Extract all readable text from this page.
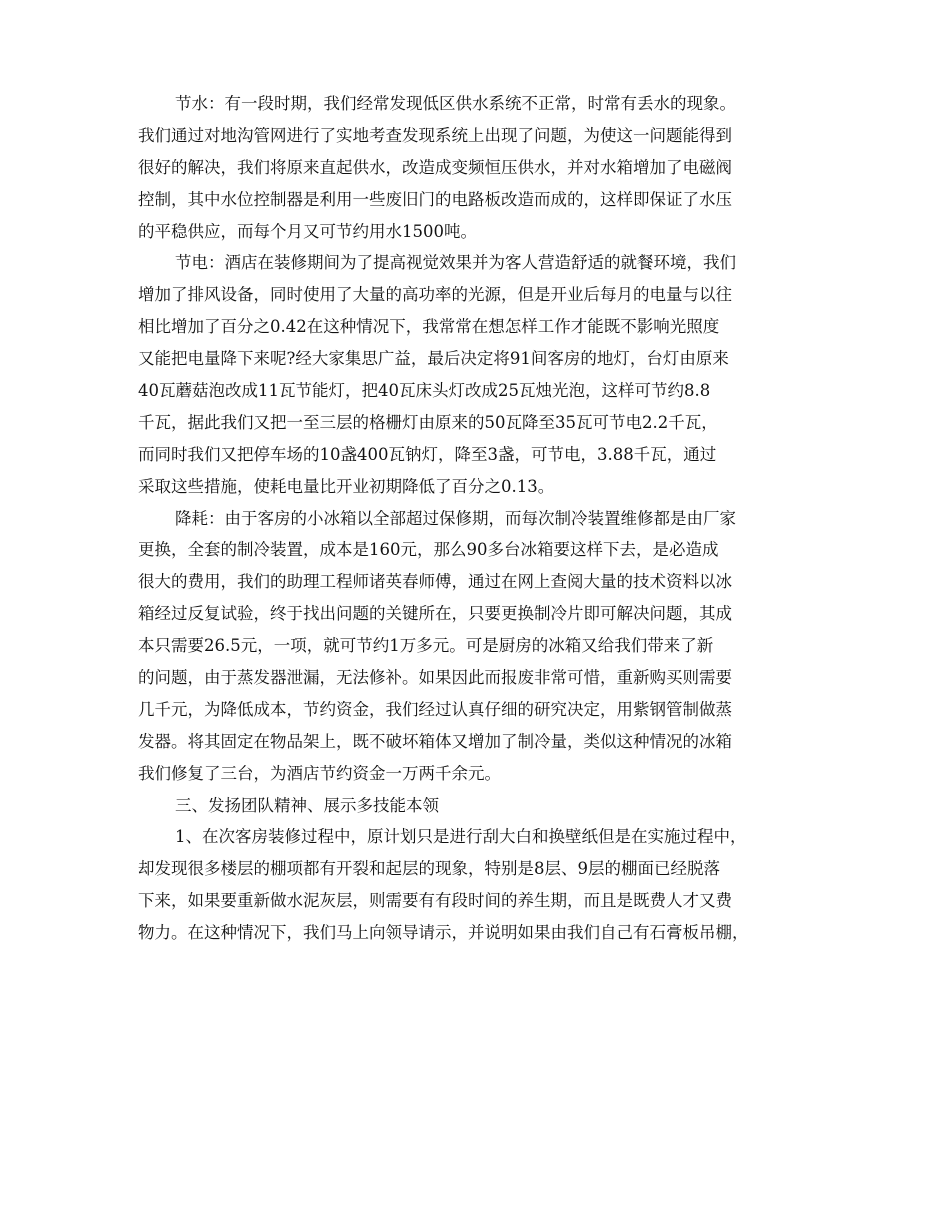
节水：有一段时期，我们经常发现低区供水系统不正常，时常有丢水的现象。
我们通过对地沟管网进行了实地考查发现系统上出现了问题，为使这一问题能得到
很好的解决，我们将原来直起供水，改造成变频恒压供水，并对水箱增加了电磁阀
控制，其中水位控制器是利用一些废旧门的电路板改造而成的，这样即保证了水压
的平稳供应，而每个月又可节约用水1500吨。
节电：酒店在装修期间为了提高视觉效果并为客人营造舒适的就餐环境，我们
增加了排风设备，同时使用了大量的高功率的光源，但是开业后每月的电量与以往
相比增加了百分之0.42在这种情况下，我常常在想怎样工作才能既不影响光照度
又能把电量降下来呢?经大家集思广益，最后决定将91间客房的地灯，台灯由原来
40瓦蘑菇泡改成11瓦节能灯，把40瓦床头灯改成25瓦烛光泡，这样可节约8.8
千瓦，据此我们又把一至三层的格栅灯由原来的50瓦降至35瓦可节电2.2千瓦，
而同时我们又把停车场的10盏400瓦钠灯，降至3盏，可节电，3.88千瓦，通过
采取这些措施，使耗电量比开业初期降低了百分之0.13。
降耗：由于客房的小冰箱以全部超过保修期，而每次制冷装置维修都是由厂家
更换，全套的制冷装置，成本是160元，那么90多台冰箱要这样下去，是必造成
很大的费用，我们的助理工程师诸英春师傅，通过在网上查阅大量的技术资料以冰
箱经过反复试验，终于找出问题的关键所在，只要更换制冷片即可解决问题，其成
本只需要26.5元，一项，就可节约1万多元。可是厨房的冰箱又给我们带来了新
的问题，由于蒸发器泄漏，无法修补。如果因此而报废非常可惜，重新购买则需要
几千元，为降低成本，节约资金，我们经过认真仔细的研究决定，用紫钢管制做蒸
发器。将其固定在物品架上，既不破坏箱体又增加了制冷量，类似这种情况的冰箱
我们修复了三台，为酒店节约资金一万两千余元。
三、发扬团队精神、展示多技能本领
1、在次客房装修过程中，原计划只是进行刮大白和换壁纸但是在实施过程中，
却发现很多楼层的棚项都有开裂和起层的现象，特别是8层、9层的棚面已经脱落
下来，如果要重新做水泥灰层，则需要有有段时间的养生期，而且是既费人才又费
物力。在这种情况下，我们马上向领导请示，并说明如果由我们自己有石膏板吊棚，
